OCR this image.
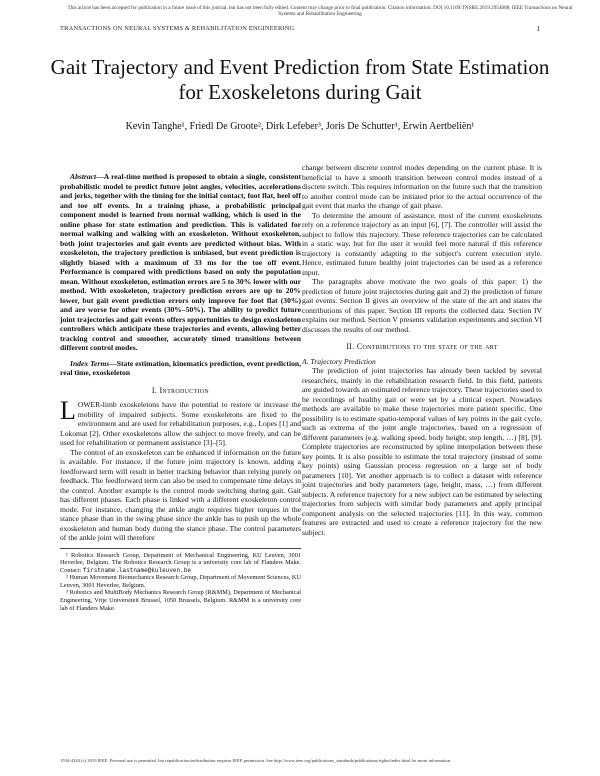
This article has been accepted for publication in a future issue of this journal, but has not been fully edited. Content may change prior to final publication. Citation information: DOI 10.1109/TNSRE.2019.2954088, IEEE Transactions on Neural Systems and Rehabilitation Engineering
TRANSACTIONS ON NEURAL SYSTEMS & REHABILITATION ENGINEERING	1
Gait Trajectory and Event Prediction from State Estimation for Exoskeletons during Gait
Kevin Tanghe¹, Friedl De Groote², Dirk Lefeber³, Joris De Schutter¹, Erwin Aertbeliën¹

Abstract—A real-time method is proposed to obtain a single, consistent probabilistic model to predict future joint angles, velocities, accelerations and jerks, together with the timing for the initial contact, foot flat, heel off and toe off events. In a training phase, a probabilistic principal component model is learned from normal walking, which is used in the online phase for state estimation and prediction. This is validated for normal walking and walking with an exoskeleton. Without exoskeleton, both joint trajectories and gait events are predicted without bias. With exoskeleton, the trajectory prediction is unbiased, but event prediction is slightly biased with a maximum of 33 ms for the toe off event. Performance is compared with predictions based on only the population mean. Without exoskeleton, estimation errors are 5 to 30% lower with our method. With exoskeleton, trajectory prediction errors are up to 20% lower, but gait event prediction errors only improve for foot flat (30%) and are worse for other events (30%–50%). The ability to predict future joint trajectories and gait events offers opportunities to design exoskeleton controllers which anticipate these trajectories and events, allowing better tracking control and smoother, accurately timed transitions between different control modes.

Index Terms—State estimation, kinematics prediction, event prediction, real time, exoskeleton

I. Introduction

LOWER-limb exoskeletons have the potential to restore or increase the mobility of impaired subjects. Some exoskeletons are fixed to the environment and are used for rehabilitation purposes, e.g., Lopes [1] and Lokomat [2]. Other exoskeletons allow the subject to move freely, and can be used for rehabilitation or permanent assistance [3]–[5].

The control of an exoskeleton can be enhanced if information on the future is available. For instance, if the future joint trajectory is known, adding a feedforward term will result in better tracking behavior than relying purely on feedback. The feedforward term can also be used to compensate time delays in the control. Another example is the control mode switching during gait. Gait has different phases. Each phase is linked with a different exoskeleton control mode. For instance, changing the ankle angle requires higher torques in the stance phase than in the swing phase since the ankle has to push up the whole exoskeleton and human body during the stance phase. The control parameters of the ankle joint will therefore

¹ Robotics Research Group, Department of Mechanical Engineering, KU Leuven, 3001 Heverlee, Belgium. The Robotics Research Group is a university core lab of Flanders Make. Contact: firstname.lastname@kuleuven.be

² Human Movement Biomechanics Research Group, Department of Movement Sciences, KU Leuven, 3001 Heverlee, Belgium.

³ Robotics and MultiBody Mechanics Research Group (R&MM), Department of Mechanical Engineering, Vrije Universiteit Brussel, 1050 Brussels, Belgium. R&MM is a university core lab of Flanders Make.

change between discrete control modes depending on the current phase. It is beneficial to have a smooth transition between control modes instead of a discrete switch. This requires information on the future such that the transition to another control mode can be initiated prior to the actual occurrence of the gait event that marks the change of gait phase.

To determine the amount of assistance, most of the current exoskeletons rely on a reference trajectory as an input [6], [7]. The controller will assist the subject to follow this trajectory. These reference trajectories can be calculated in a static way, but for the user it would feel more natural if this reference trajectory is constantly adapting to the subject's current execution style. Hence, estimated future healthy joint trajectories can be used as a reference input.

The paragraphs above motivate the two goals of this paper: 1) the prediction of future joint trajectories during gait and 2) the prediction of future gait events. Section II gives an overview of the state of the art and states the contributions of this paper. Section III reports the collected data. Section IV explains our method. Section V presents validation experiments and section VI discusses the results of our method.

II. Contributions to the state of the art

A. Trajectory Prediction

The prediction of joint trajectories has already been tackled by several researchers, mainly in the rehabilitation research field. In this field, patients are guided towards an estimated reference trajectory. These trajectories used to be recordings of healthy gait or were set by a clinical expert. Nowadays methods are available to make these trajectories more patient specific. One possibility is to estimate spatio-temporal values of key points in the gait cycle, such as extrema of the joint angle trajectories, based on a regression of different parameters (e.g. walking speed, body height, step length, …) [8], [9]. Complete trajectories are reconstructed by spline interpolation between these key points. It is also possible to estimate the total trajectory (instead of some key points) using Gaussian process regression on a large set of body parameters [10]. Yet another approach is to collect a dataset with reference joint trajectories and body parameters (age, height, mass, …) from different subjects. A reference trajectory for a new subject can be estimated by selecting trajectories from subjects with similar body parameters and apply principal component analysis on the selected trajectories [11]. In this way, common features are extracted and used to create a reference trajectory for the new subject.

1534-4320 (c) 2019 IEEE. Personal use is permitted, but republication/redistribution requires IEEE permission. See http://www.ieee.org/publications_standards/publications/rights/index.html for more information.
